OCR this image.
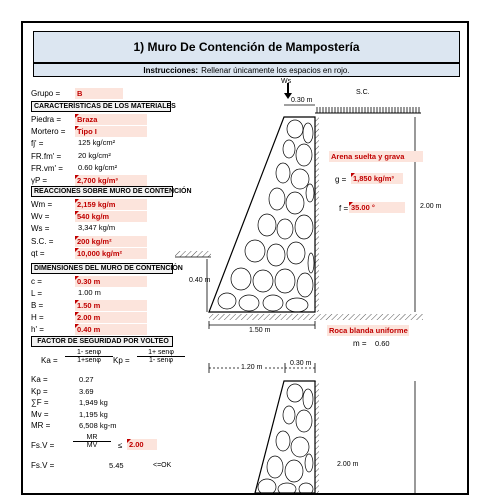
1) Muro De Contención de Mampostería
Instrucciones: Rellenar únicamente los espacios en rojo.
Grupo = B
CARACTERÍSTICAS DE LOS MATERIALES
Piedra = Braza
Mortero = Tipo I
fj' =	125 kg/cm²
FR.fm' =	20 kg/cm²
FR.vm' =	0.60 kg/cm²
γP =	2,700 kg/m³
REACCIONES SOBRE MURO DE CONTENCIÓN
Wm =	2,159 kg/m
Wv =	540 kg/m
Ws =	3,347 kg/m
S.C. =	200 kg/m²
qt =	10,000 kg/m²
DIMENSIONES DEL MURO DE CONTENCIÓN
c =	0.30 m
L =	1.00 m
B =	1.50 m
H =	2.00 m
h' =	0.40 m
FACTOR DE SEGURIDAD POR VOLTEO
Ka =
1- senφ
1+senφ	Kp =
1+ senφ
1- senφ
Ka =	0.27
Kp =	3.69
∑F =	1,949 kg
Mv =	1,195 kg
MR =	6,508 kg-m
Fs.V =	$\frac{MR}{MV} \le 2.00$
Fs.V =	5.45	<=OK
Ws
0.30 m
S.C.
Arena suelta y grava
g = 1,850 kg/m³
f = 35.00 °	2.00 m
0.40 m
1.50 m	Roca blanda uniforme
m = 0.60
1.20 m
0.30 m
2.00 m
